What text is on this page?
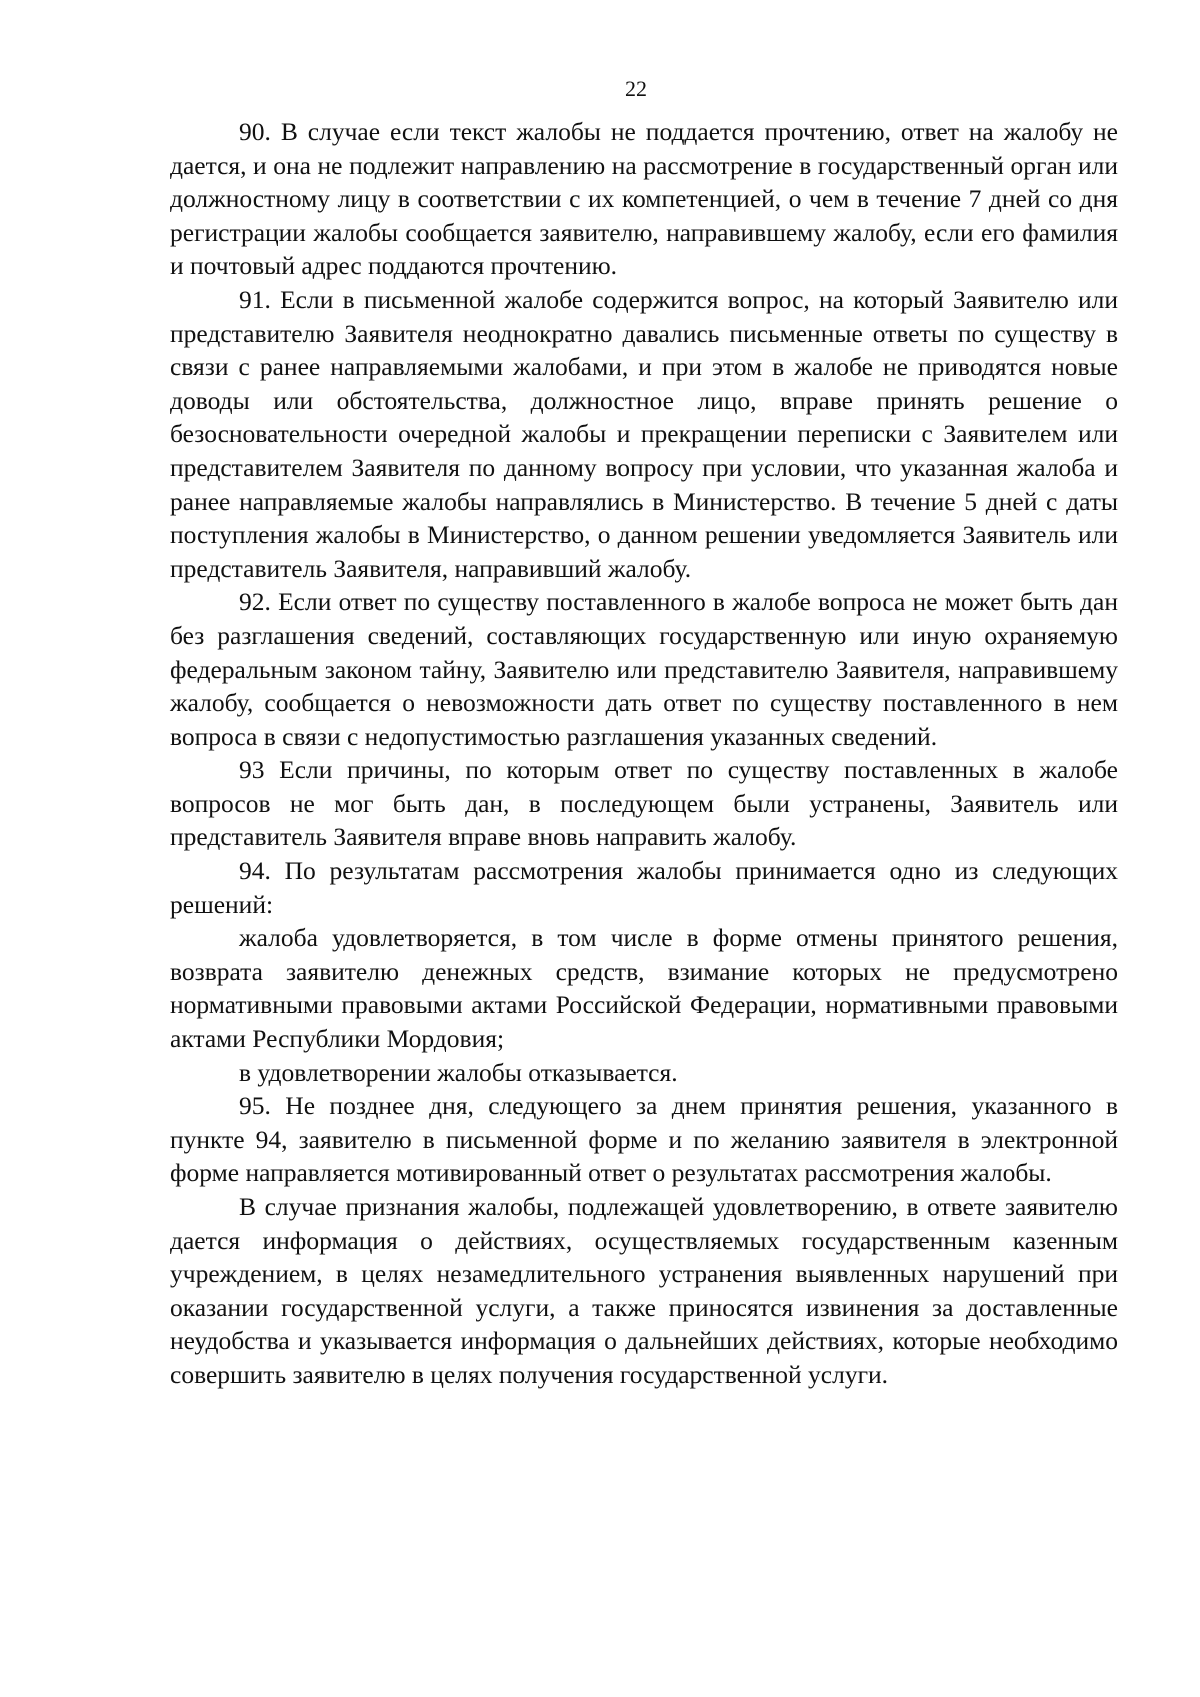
22

90. В случае если текст жалобы не поддается прочтению, ответ на жалобу не дается, и она не подлежит направлению на рассмотрение в государственный орган или должностному лицу в соответствии с их компетенцией, о чем в течение 7 дней со дня регистрации жалобы сообщается заявителю, направившему жалобу, если его фамилия и почтовый адрес поддаются прочтению.

91. Если в письменной жалобе содержится вопрос, на который Заявителю или представителю Заявителя неоднократно давались письменные ответы по существу в связи с ранее направляемыми жалобами, и при этом в жалобе не приводятся новые доводы или обстоятельства, должностное лицо, вправе принять решение о безосновательности очередной жалобы и прекращении переписки с Заявителем или представителем Заявителя по данному вопросу при условии, что указанная жалоба и ранее направляемые жалобы направлялись в Министерство. В течение 5 дней с даты поступления жалобы в Министерство, о данном решении уведомляется Заявитель или представитель Заявителя, направивший жалобу.

92. Если ответ по существу поставленного в жалобе вопроса не может быть дан без разглашения сведений, составляющих государственную или иную охраняемую федеральным законом тайну, Заявителю или представителю Заявителя, направившему жалобу, сообщается о невозможности дать ответ по существу поставленного в нем вопроса в связи с недопустимостью разглашения указанных сведений.

93 Если причины, по которым ответ по существу поставленных в жалобе вопросов не мог быть дан, в последующем были устранены, Заявитель или представитель Заявителя вправе вновь направить жалобу.

94. По результатам рассмотрения жалобы принимается одно из следующих решений:

жалоба удовлетворяется, в том числе в форме отмены принятого решения, возврата заявителю денежных средств, взимание которых не предусмотрено нормативными правовыми актами Российской Федерации, нормативными правовыми актами Республики Мордовия;

в удовлетворении жалобы отказывается.

95. Не позднее дня, следующего за днем принятия решения, указанного в пункте 94, заявителю в письменной форме и по желанию заявителя в электронной форме направляется мотивированный ответ о результатах рассмотрения жалобы.

В случае признания жалобы, подлежащей удовлетворению, в ответе заявителю дается информация о действиях, осуществляемых государственным казенным учреждением, в целях незамедлительного устранения выявленных нарушений при оказании государственной услуги, а также приносятся извинения за доставленные неудобства и указывается информация о дальнейших действиях, которые необходимо совершить заявителю в целях получения государственной услуги.
